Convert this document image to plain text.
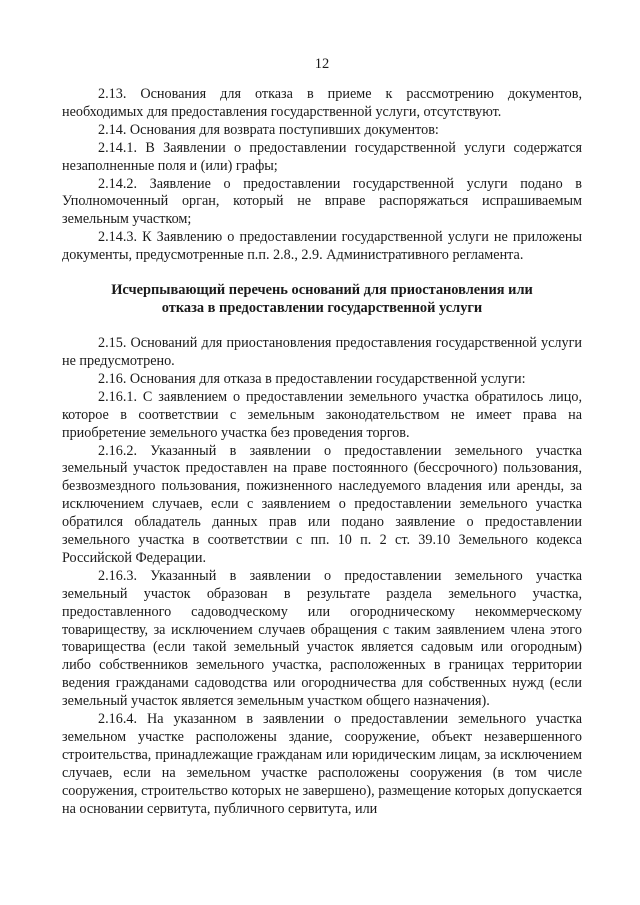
12

2.13. Основания для отказа в приеме к рассмотрению документов, необходимых для предоставления государственной услуги, отсутствуют.

2.14. Основания для возврата поступивших документов:

2.14.1. В Заявлении о предоставлении государственной услуги содержатся незаполненные поля и (или) графы;

2.14.2. Заявление о предоставлении государственной услуги подано в Уполномоченный орган, который не вправе распоряжаться испрашиваемым земельным участком;

2.14.3. К Заявлению о предоставлении государственной услуги не приложены документы, предусмотренные п.п. 2.8., 2.9. Административного регламента.

Исчерпывающий перечень оснований для приостановления или
отказа в предоставлении государственной услуги

2.15. Оснований для приостановления предоставления государственной услуги не предусмотрено.

2.16. Основания для отказа в предоставлении государственной услуги:

2.16.1. С заявлением о предоставлении земельного участка обратилось лицо, которое в соответствии с земельным законодательством не имеет права на приобретение земельного участка без проведения торгов.

2.16.2. Указанный в заявлении о предоставлении земельного участка земельный участок предоставлен на праве постоянного (бессрочного) пользования, безвозмездного пользования, пожизненного наследуемого владения или аренды, за исключением случаев, если с заявлением о предоставлении земельного участка обратился обладатель данных прав или подано заявление о предоставлении земельного участка в соответствии с пп. 10 п. 2 ст. 39.10 Земельного кодекса Российской Федерации.

2.16.3. Указанный в заявлении о предоставлении земельного участка земельный участок образован в результате раздела земельного участка, предоставленного садоводческому или огородническому некоммерческому товариществу, за исключением случаев обращения с таким заявлением члена этого товарищества (если такой земельный участок является садовым или огородным) либо собственников земельного участка, расположенных в границах территории ведения гражданами садоводства или огородничества для собственных нужд (если земельный участок является земельным участком общего назначения).

2.16.4. На указанном в заявлении о предоставлении земельного участка земельном участке расположены здание, сооружение, объект незавершенного строительства, принадлежащие гражданам или юридическим лицам, за исключением случаев, если на земельном участке расположены сооружения (в том числе сооружения, строительство которых не завершено), размещение которых допускается на основании сервитута, публичного сервитута, или
